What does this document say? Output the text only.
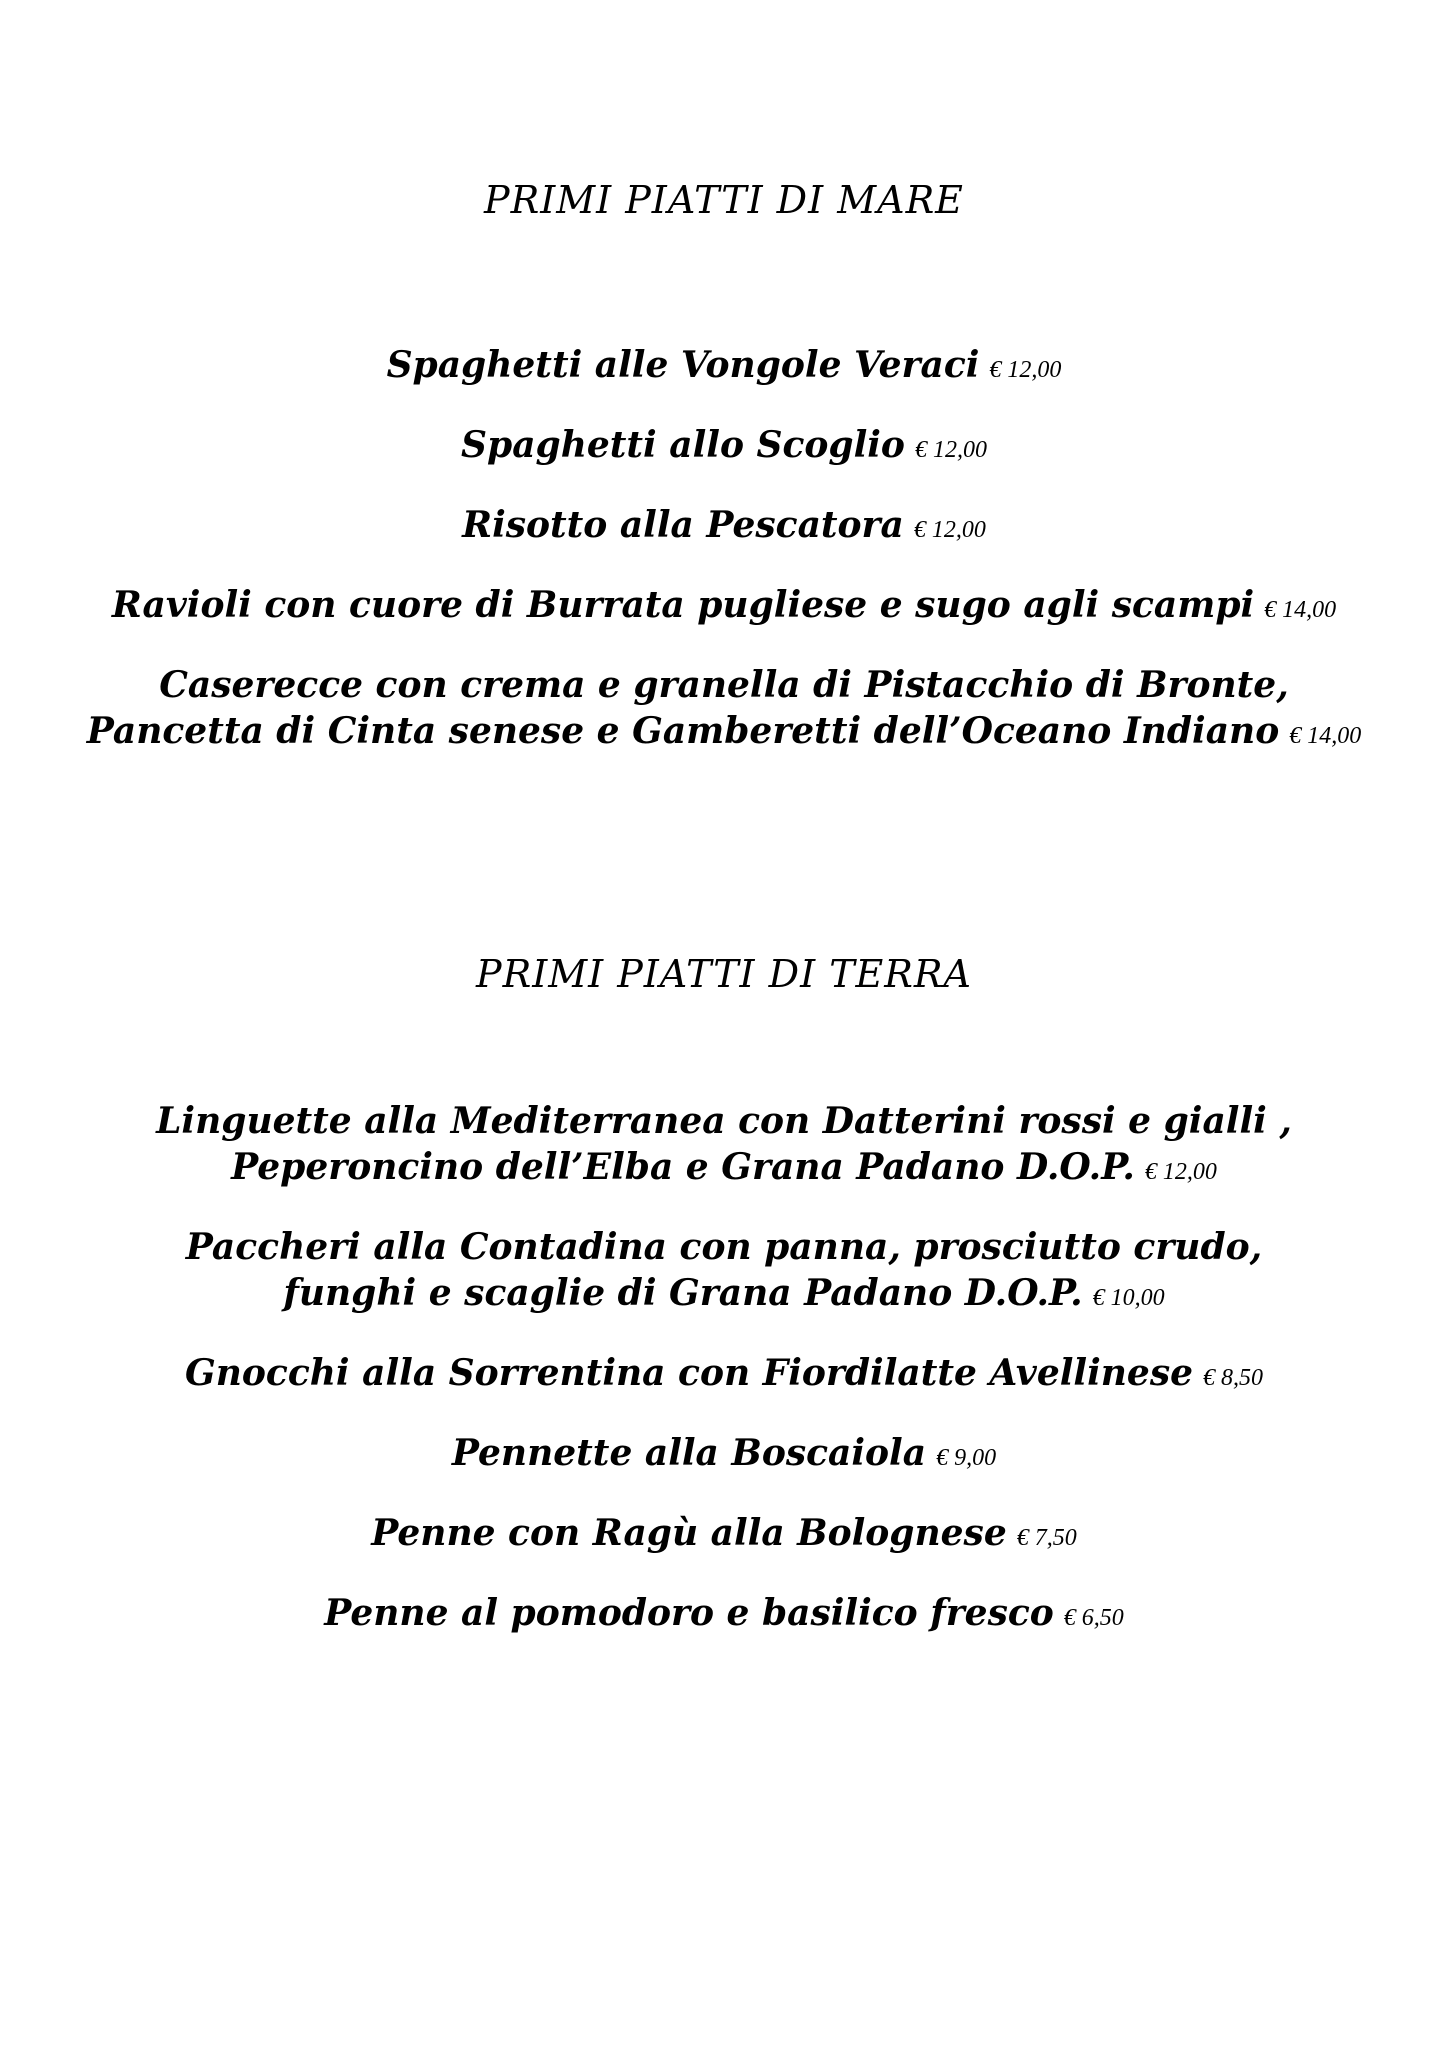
PRIMI PIATTI DI MARE
Spaghetti alle Vongole Veraci € 12,00
Spaghetti allo Scoglio € 12,00
Risotto alla Pescatora € 12,00
Ravioli con cuore di Burrata pugliese e sugo agli scampi € 14,00
Caserecce con crema e granella di Pistacchio di Bronte,
Pancetta di Cinta senese e Gamberetti dell’Oceano Indiano € 14,00
PRIMI PIATTI DI TERRA
Linguette alla Mediterranea con Datterini rossi e gialli ,
Peperoncino dell’Elba e Grana Padano D.O.P. € 12,00
Paccheri alla Contadina con panna, prosciutto crudo,
funghi e scaglie di Grana Padano D.O.P. € 10,00
Gnocchi alla Sorrentina con Fiordilatte Avellinese € 8,50
Pennette alla Boscaiola € 9,00
Penne con Ragù alla Bolognese € 7,50
Penne al pomodoro e basilico fresco € 6,50
